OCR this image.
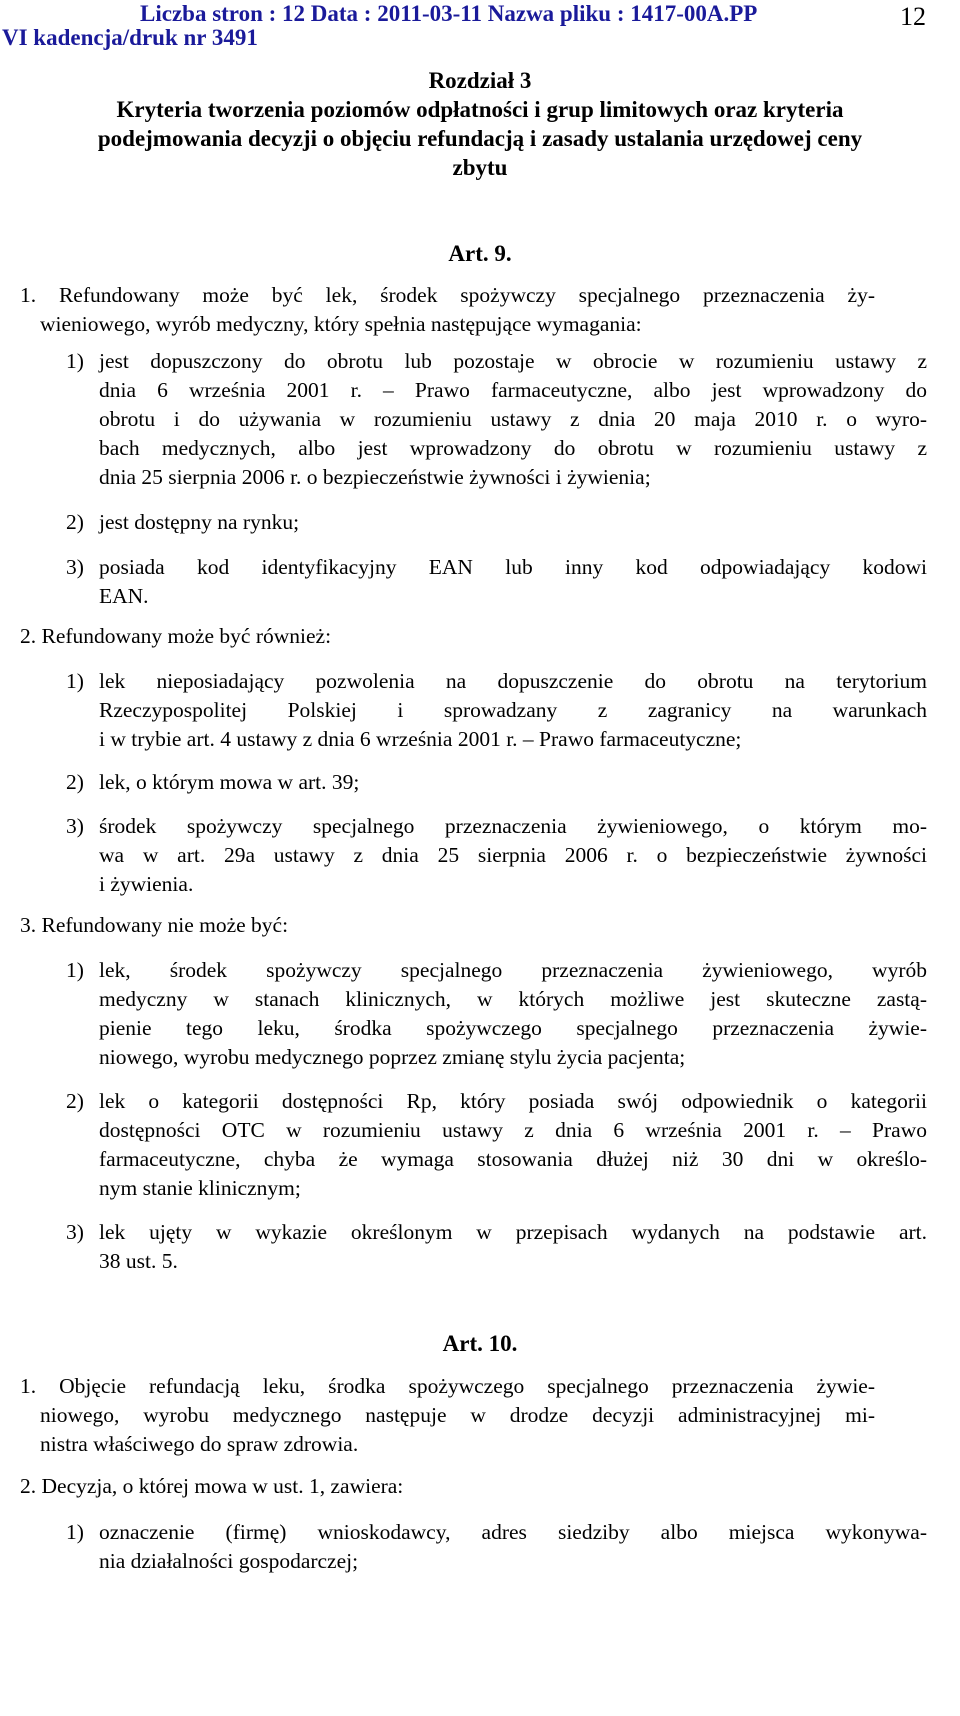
Liczba stron : 12 Data : 2011-03-11 Nazwa pliku : 1417-00A.PP
VI kadencja/druk nr 3491
12
Rozdział 3
Kryteria tworzenia poziomów odpłatności i grup limitowych oraz kryteria
podejmowania decyzji o objęciu refundacją i zasady ustalania urzędowej ceny
zbytu
Art. 9.
1. Refundowany może być lek, środek spożywczy specjalnego przeznaczenia ży-
wieniowego, wyrób medyczny, który spełnia następujące wymagania:
1) jest dopuszczony do obrotu lub pozostaje w obrocie w rozumieniu ustawy z
dnia 6 września 2001 r. – Prawo farmaceutyczne, albo jest wprowadzony do
obrotu i do używania w rozumieniu ustawy z dnia 20 maja 2010 r. o wyro-
bach medycznych, albo jest wprowadzony do obrotu w rozumieniu ustawy z
dnia 25 sierpnia 2006 r. o bezpieczeństwie żywności i żywienia;
2) jest dostępny na rynku;
3) posiada kod identyfikacyjny EAN lub inny kod odpowiadający kodowi
EAN.
2. Refundowany może być również:
1) lek nieposiadający pozwolenia na dopuszczenie do obrotu na terytorium
Rzeczypospolitej Polskiej i sprowadzany z zagranicy na warunkach
i w trybie art. 4 ustawy z dnia 6 września 2001 r. – Prawo farmaceutyczne;
2) lek, o którym mowa w art. 39;
3) środek spożywczy specjalnego przeznaczenia żywieniowego, o którym mo-
wa w art. 29a ustawy z dnia 25 sierpnia 2006 r. o bezpieczeństwie żywności
i żywienia.
3. Refundowany nie może być:
1) lek, środek spożywczy specjalnego przeznaczenia żywieniowego, wyrób
medyczny w stanach klinicznych, w których możliwe jest skuteczne zastą-
pienie tego leku, środka spożywczego specjalnego przeznaczenia żywie-
niowego, wyrobu medycznego poprzez zmianę stylu życia pacjenta;
2) lek o kategorii dostępności Rp, który posiada swój odpowiednik o kategorii
dostępności OTC w rozumieniu ustawy z dnia 6 września 2001 r. – Prawo
farmaceutyczne, chyba że wymaga stosowania dłużej niż 30 dni w określo-
nym stanie klinicznym;
3) lek ujęty w wykazie określonym w przepisach wydanych na podstawie art.
38 ust. 5.
Art. 10.
1. Objęcie refundacją leku, środka spożywczego specjalnego przeznaczenia żywie-
niowego, wyrobu medycznego następuje w drodze decyzji administracyjnej mi-
nistra właściwego do spraw zdrowia.
2. Decyzja, o której mowa w ust. 1, zawiera:
1) oznaczenie (firmę) wnioskodawcy, adres siedziby albo miejsca wykonywa-
nia działalności gospodarczej;
